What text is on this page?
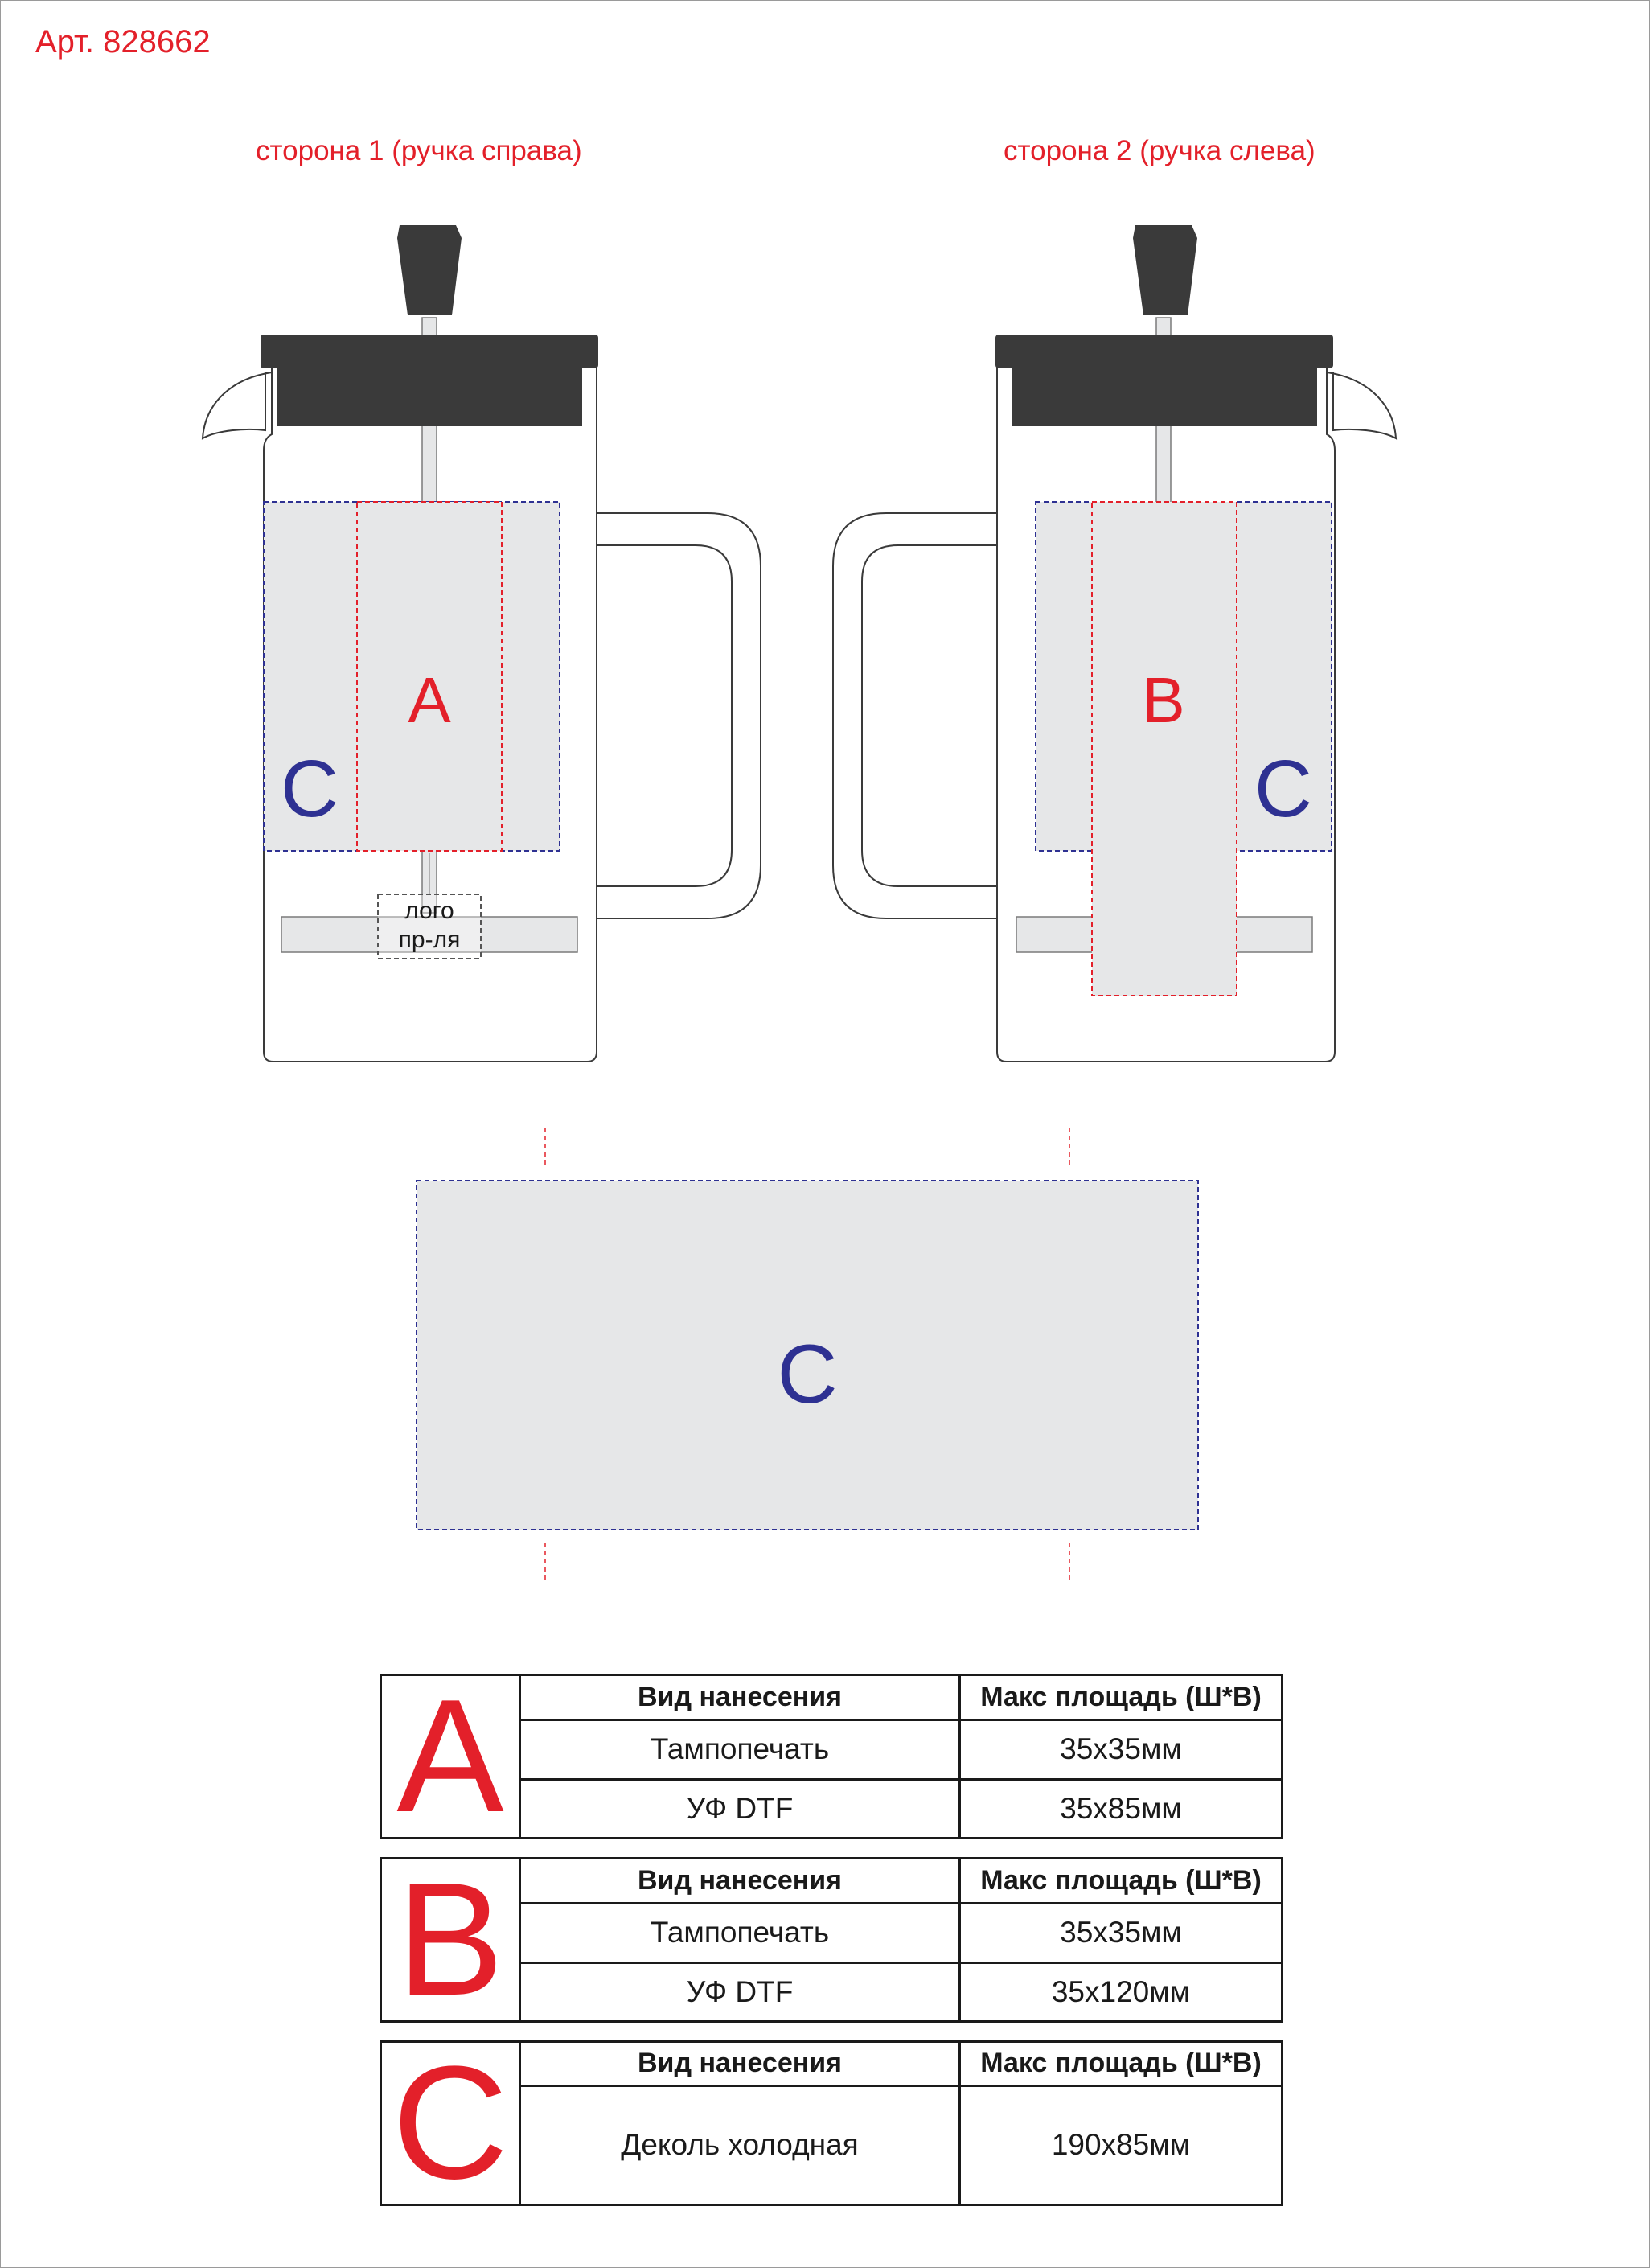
Арт. 828662
сторона 1 (ручка справа)	сторона 2 (ручка слева)
лого
пр-ля
A
C
B
C
C
A	Вид нанесения	Макс площадь (Ш*В)
	Тампопечать	35x35мм
	УФ DTF	35x85мм
B	Вид нанесения	Макс площадь (Ш*В)
	Тампопечать	35x35мм
	УФ DTF	35x120мм
C	Вид нанесения	Макс площадь (Ш*В)
	Деколь холодная	190x85мм
